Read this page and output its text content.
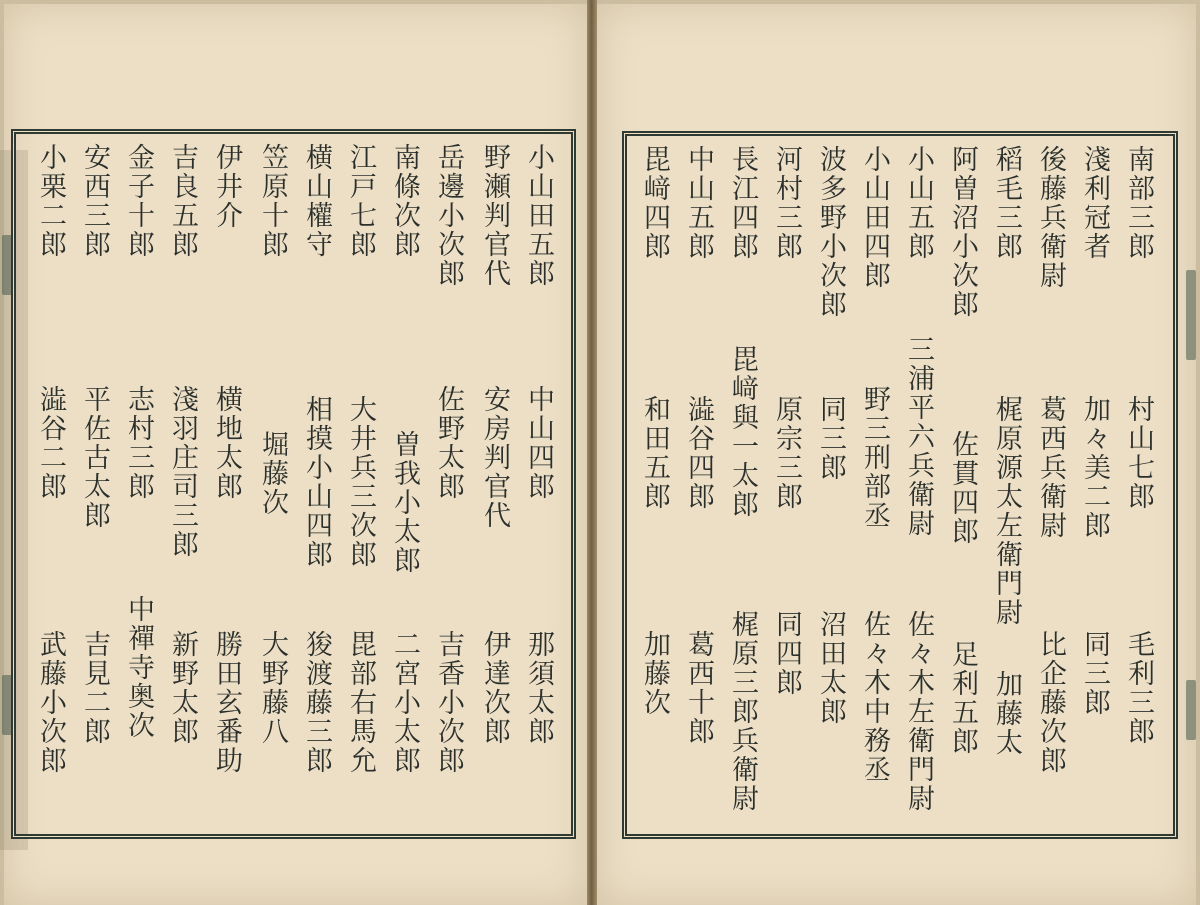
小山田五郎
中山四郎
那須太郎
野瀬判官代
安房判官代
伊達次郎
岳邊小次郎
佐野太郎
吉香小次郎
南條次郎
曽我小太郎
二宮小太郎
江戸七郎
大井兵三次郎
毘部右馬允
横山權守
相摸小山四郎
狻渡藤三郎
笠原十郎
堀藤次
大野藤八
伊井介
横地太郎
勝田玄番助
吉良五郎
淺羽庄司三郎
新野太郎
金子十郎
志村三郎
中禪寺奥次
安西三郎
平佐古太郎
吉見二郎
小栗二郎
澁谷二郎
武藤小次郎
南部三郎
村山七郎
毛利三郎
淺利冠者
加々美二郎
同三郎
後藤兵衛尉
葛西兵衛尉
比企藤次郎
稻毛三郎
梶原源太左衛門尉
加藤太
阿曽沼小次郎
佐貫四郎
足利五郎
小山五郎
三浦平六兵衛尉
佐々木左衛門尉
小山田四郎
野三刑部丞
佐々木中務丞
波多野小次郎
同三郎
沼田太郎
河村三郎
原宗三郎
同四郎
長江四郎
毘﨑與一太郎
梶原三郎兵衛尉
中山五郎
澁谷四郎
葛西十郎
毘﨑四郎
和田五郎
加藤次
